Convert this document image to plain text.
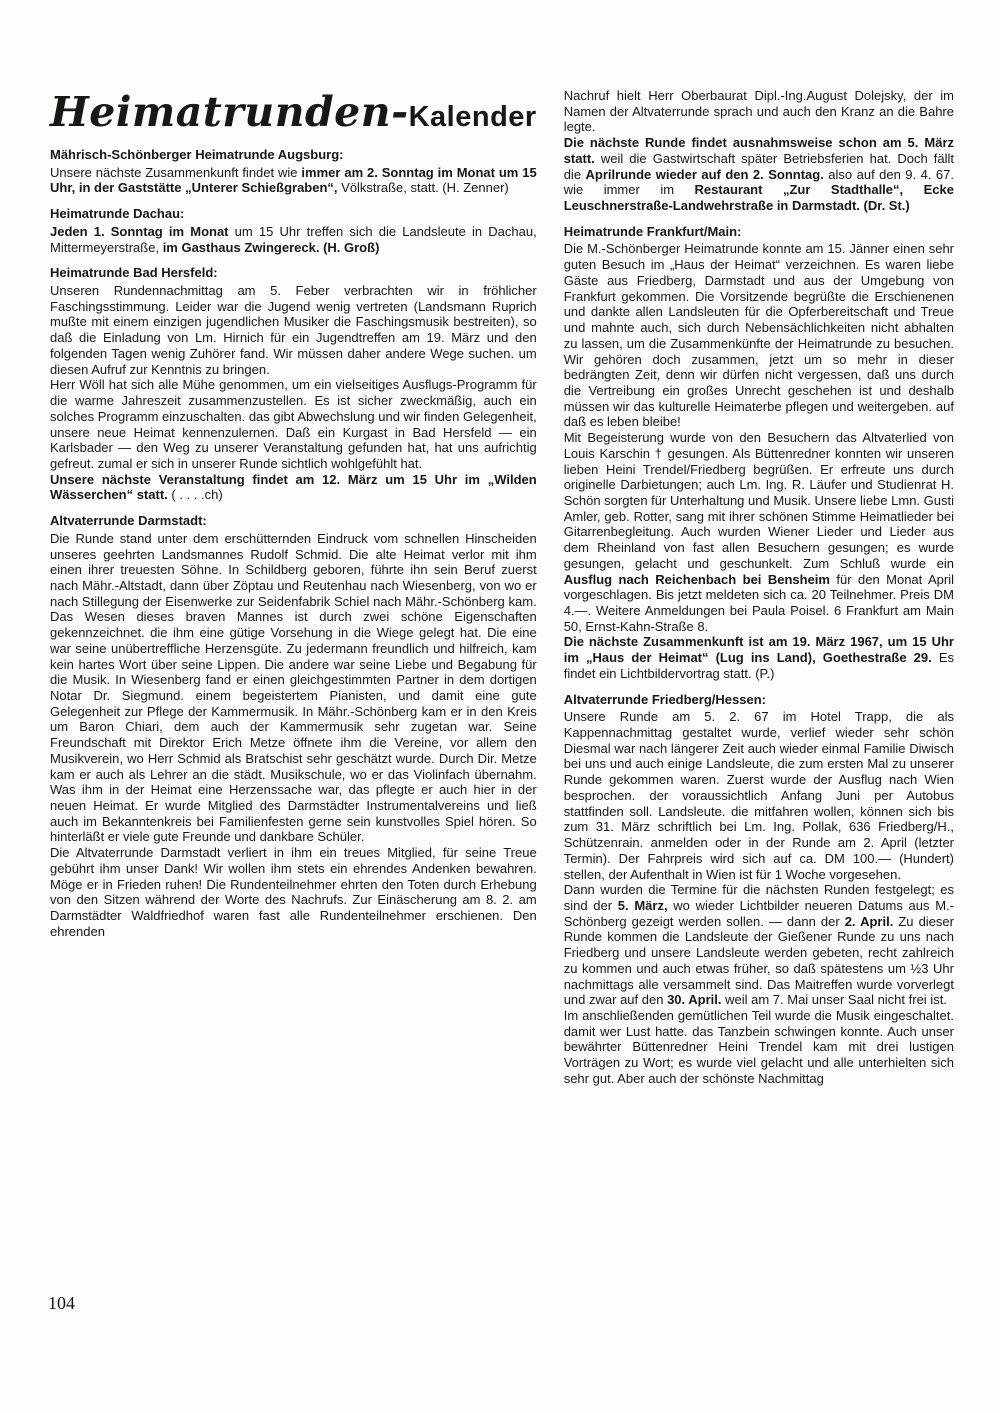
Heimatrunden-Kalender
Mährisch-Schönberger Heimatrunde Augsburg:

Unsere nächste Zusammenkunft findet wie immer am 2. Sonntag im Monat um 15 Uhr, in der Gaststätte „Unterer Schießgraben“, Völkstraße, statt. (H. Zenner)

Heimatrunde Dachau:

Jeden 1. Sonntag im Monat um 15 Uhr treffen sich die Landsleute in Dachau, Mittermeyerstraße, im Gasthaus Zwingereck. (H. Groß)

Heimatrunde Bad Hersfeld:

Unseren Rundennachmittag am 5. Feber verbrachten wir in fröhlicher Faschingsstimmung. Leider war die Jugend wenig vertreten (Landsmann Ruprich mußte mit einem einzigen jugendlichen Musiker die Faschingsmusik bestreiten), so daß die Einladung von Lm. Hirnich für ein Jugendtreffen am 19. März und den folgenden Tagen wenig Zuhörer fand. Wir müssen daher andere Wege suchen. um diesen Aufruf zur Kenntnis zu bringen.

Herr Wöll hat sich alle Mühe genommen, um ein vielseitiges Ausflugs-Programm für die warme Jahreszeit zusammenzustellen. Es ist sicher zweckmäßig, auch ein solches Programm einzuschalten. das gibt Abwechslung und wir finden Gelegenheit, unsere neue Heimat kennenzulernen. Daß ein Kurgast in Bad Hersfeld — ein Karlsbader — den Weg zu unserer Veranstaltung gefunden hat, hat uns aufrichtig gefreut. zumal er sich in unserer Runde sichtlich wohlgefühlt hat.

Unsere nächste Veranstaltung findet am 12. März um 15 Uhr im „Wilden Wässerchen“ statt. ( . . . .ch)

Altvaterrunde Darmstadt:

Die Runde stand unter dem erschütternden Eindruck vom schnellen Hinscheiden unseres geehrten Landsmannes Rudolf Schmid. Die alte Heimat verlor mit ihm einen ihrer treuesten Söhne. In Schildberg geboren, führte ihn sein Beruf zuerst nach Mähr.-Altstadt, dann über Zöptau und Reutenhau nach Wiesenberg, von wo er nach Stillegung der Eisenwerke zur Seidenfabrik Schiel nach Mähr.-Schönberg kam. Das Wesen dieses braven Mannes ist durch zwei schöne Eigenschaften gekennzeichnet. die ihm eine gütige Vorsehung in die Wiege gelegt hat. Die eine war seine unübertreffliche Herzensgüte. Zu jedermann freundlich und hilfreich, kam kein hartes Wort über seine Lippen. Die andere war seine Liebe und Begabung für die Musik. In Wiesenberg fand er einen gleichgestimmten Partner in dem dortigen Notar Dr. Siegmund. einem begeistertem Pianisten, und damit eine gute Gelegenheit zur Pflege der Kammermusik. In Mähr.-Schönberg kam er in den Kreis um Baron Chiari, dem auch der Kammermusik sehr zugetan war. Seine Freundschaft mit Direktor Erich Metze öffnete ihm die Vereine, vor allem den Musikverein, wo Herr Schmid als Bratschist sehr geschätzt wurde. Durch Dir. Metze kam er auch als Lehrer an die städt. Musikschule, wo er das Violinfach übernahm. Was ihm in der Heimat eine Herzenssache war, das pflegte er auch hier in der neuen Heimat. Er wurde Mitglied des Darmstädter Instrumentalvereins und ließ auch im Bekanntenkreis bei Familienfesten gerne sein kunstvolles Spiel hören. So hinterläßt er viele gute Freunde und dankbare Schüler.

Die Altvaterrunde Darmstadt verliert in ihm ein treues Mitglied, für seine Treue gebührt ihm unser Dank! Wir wollen ihm stets ein ehrendes Andenken bewahren. Möge er in Frieden ruhen! Die Rundenteilnehmer ehrten den Toten durch Erhebung von den Sitzen während der Worte des Nachrufs. Zur Einäscherung am 8. 2. am Darmstädter Waldfriedhof waren fast alle Rundenteilnehmer erschienen. Den ehrenden

Nachruf hielt Herr Oberbaurat Dipl.-Ing.August Dolejsky, der im Namen der Altvaterrunde sprach und auch den Kranz an die Bahre legte.

Die nächste Runde findet ausnahmsweise schon am 5. März statt. weil die Gastwirtschaft später Betriebsferien hat. Doch fällt die Aprilrunde wieder auf den 2. Sonntag. also auf den 9. 4. 67. wie immer im Restaurant „Zur Stadthalle“, Ecke Leuschnerstraße-Landwehrstraße in Darmstadt. (Dr. St.)

Heimatrunde Frankfurt/Main:

Die M.-Schönberger Heimatrunde konnte am 15. Jänner einen sehr guten Besuch im „Haus der Heimat“ verzeichnen. Es waren liebe Gäste aus Friedberg, Darmstadt und aus der Umgebung von Frankfurt gekommen. Die Vorsitzende begrüßte die Erschienenen und dankte allen Landsleuten für die Opferbereitschaft und Treue und mahnte auch, sich durch Nebensächlichkeiten nicht abhalten zu lassen, um die Zusammenkünfte der Heimatrunde zu besuchen. Wir gehören doch zusammen, jetzt um so mehr in dieser bedrängten Zeit, denn wir dürfen nicht vergessen, daß uns durch die Vertreibung ein großes Unrecht geschehen ist und deshalb müssen wir das kulturelle Heimaterbe pflegen und weitergeben. auf daß es leben bleibe!

Mit Begeisterung wurde von den Besuchern das Altvaterlied von Louis Karschin † gesungen. Als Büttenredner konnten wir unseren lieben Heini Trendel/Friedberg begrüßen. Er erfreute uns durch originelle Darbietungen; auch Lm. Ing. R. Läufer und Studienrat H. Schön sorgten für Unterhaltung und Musik. Unsere liebe Lmn. Gusti Amler, geb. Rotter, sang mit ihrer schönen Stimme Heimatlieder bei Gitarrenbegleitung. Auch wurden Wiener Lieder und Lieder aus dem Rheinland von fast allen Besuchern gesungen; es wurde gesungen, gelacht und geschunkelt. Zum Schluß wurde ein Ausflug nach Reichenbach bei Bensheim für den Monat April vorgeschlagen. Bis jetzt meldeten sich ca. 20 Teilnehmer. Preis DM 4.—. Weitere Anmeldungen bei Paula Poisel. 6 Frankfurt am Main 50, Ernst-Kahn-Straße 8.

Die nächste Zusammenkunft ist am 19. März 1967, um 15 Uhr im „Haus der Heimat“ (Lug ins Land), Goethestraße 29. Es findet ein Lichtbildervortrag statt. (P.)

Altvaterrunde Friedberg/Hessen:

Unsere Runde am 5. 2. 67 im Hotel Trapp, die als Kappennachmittag gestaltet wurde, verlief wieder sehr schön Diesmal war nach längerer Zeit auch wieder einmal Familie Diwisch bei uns und auch einige Landsleute, die zum ersten Mal zu unserer Runde gekommen waren. Zuerst wurde der Ausflug nach Wien besprochen. der voraussichtlich Anfang Juni per Autobus stattfinden soll. Landsleute. die mitfahren wollen, können sich bis zum 31. März schriftlich bei Lm. Ing. Pollak, 636 Friedberg/H., Schützenrain. anmelden oder in der Runde am 2. April (letzter Termin). Der Fahrpreis wird sich auf ca. DM 100.— (Hundert) stellen, der Aufenthalt in Wien ist für 1 Woche vorgesehen.

Dann wurden die Termine für die nächsten Runden festgelegt; es sind der 5. März, wo wieder Lichtbilder neueren Datums aus M.-Schönberg gezeigt werden sollen. — dann der 2. April. Zu dieser Runde kommen die Landsleute der Gießener Runde zu uns nach Friedberg und unsere Landsleute werden gebeten, recht zahlreich zu kommen und auch etwas früher, so daß spätestens um ½3 Uhr nachmittags alle versammelt sind. Das Maitreffen wurde vorverlegt und zwar auf den 30. April. weil am 7. Mai unser Saal nicht frei ist.

Im anschließenden gemütlichen Teil wurde die Musik eingeschaltet. damit wer Lust hatte. das Tanzbein schwingen konnte. Auch unser bewährter Büttenredner Heini Trendel kam mit drei lustigen Vorträgen zu Wort; es wurde viel gelacht und alle unterhielten sich sehr gut. Aber auch der schönste Nachmittag

104
